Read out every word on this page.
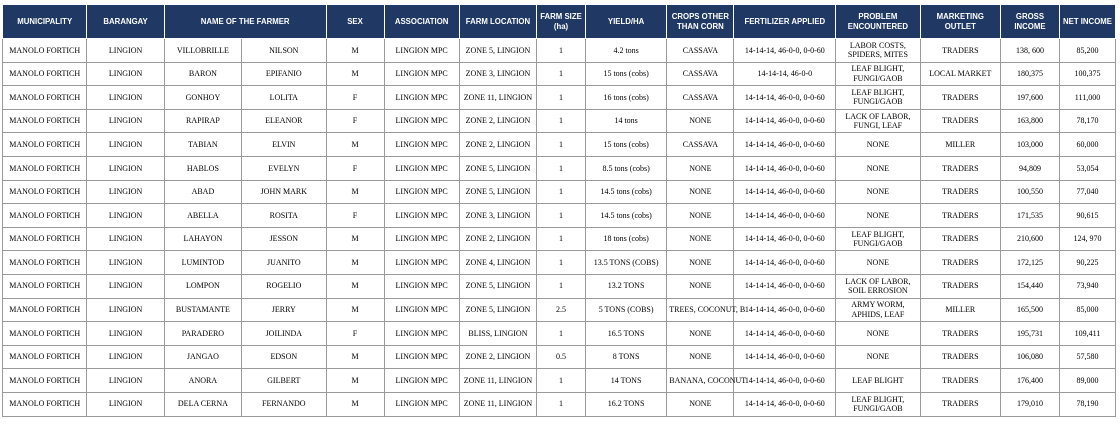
MUNICIPALITY	BARANGAY	NAME OF THE FARMER		SEX	ASSOCIATION	FARM LOCATION	FARM SIZE (ha)	YIELD/HA	CROPS OTHER THAN CORN	FERTILIZER APPLIED	PROBLEM ENCOUNTERED	MARKETING OUTLET	GROSS INCOME	NET INCOME
MANOLO FORTICH	LINGION	VILLOBRILLE	NILSON	M	LINGION MPC	ZONE 5, LINGION	1	4.2 tons	CASSAVA	14-14-14, 46-0-0, 0-0-60	LABOR COSTS, SPIDERS, MITES	TRADERS	138, 600	85,200
MANOLO FORTICH	LINGION	BARON	EPIFANIO	M	LINGION MPC	ZONE 3, LINGION	1	15 tons (cobs)	CASSAVA	14-14-14, 46-0-0	LEAF BLIGHT, FUNGI/GAOB	LOCAL MARKET	180,375	100,375
MANOLO FORTICH	LINGION	GONHOY	LOLITA	F	LINGION MPC	ZONE 11, LINGION	1	16 tons (cobs)	CASSAVA	14-14-14, 46-0-0, 0-0-60	LEAF BLIGHT, FUNGI/GAOB	TRADERS	197,600	111,000
MANOLO FORTICH	LINGION	RAPIRAP	ELEANOR	F	LINGION MPC	ZONE 2, LINGION	1	14 tons	NONE	14-14-14, 46-0-0, 0-0-60	LACK OF LABOR, FUNGI, LEAF	TRADERS	163,800	78,170
MANOLO FORTICH	LINGION	TABIAN	ELVIN	M	LINGION MPC	ZONE 2, LINGION	1	15 tons (cobs)	CASSAVA	14-14-14, 46-0-0, 0-0-60	NONE	MILLER	103,000	60,000
MANOLO FORTICH	LINGION	HABLOS	EVELYN	F	LINGION MPC	ZONE 5, LINGION	1	8.5 tons (cobs)	NONE	14-14-14, 46-0-0, 0-0-60	NONE	TRADERS	94,809	53,054
MANOLO FORTICH	LINGION	ABAD	JOHN MARK	M	LINGION MPC	ZONE 5, LINGION	1	14.5 tons (cobs)	NONE	14-14-14, 46-0-0, 0-0-60	NONE	TRADERS	100,550	77,040
MANOLO FORTICH	LINGION	ABELLA	ROSITA	F	LINGION MPC	ZONE 3, LINGION	1	14.5 tons (cobs)	NONE	14-14-14, 46-0-0, 0-0-60	NONE	TRADERS	171,535	90,615
MANOLO FORTICH	LINGION	LAHAYON	JESSON	M	LINGION MPC	ZONE 2, LINGION	1	18 tons (cobs)	NONE	14-14-14, 46-0-0, 0-0-60	LEAF BLIGHT, FUNGI/GAOB	TRADERS	210,600	124, 970
MANOLO FORTICH	LINGION	LUMINTOD	JUANITO	M	LINGION MPC	ZONE 4, LINGION	1	13.5 TONS (COBS)	NONE	14-14-14, 46-0-0, 0-0-60	NONE	TRADERS	172,125	90,225
MANOLO FORTICH	LINGION	LOMPON	ROGELIO	M	LINGION MPC	ZONE 5, LINGION	1	13.2 TONS	NONE	14-14-14, 46-0-0, 0-0-60	LACK OF LABOR, SOIL ERROSION	TRADERS	154,440	73,940
MANOLO FORTICH	LINGION	BUSTAMANTE	JERRY	M	LINGION MPC	ZONE 5, LINGION	2.5	5 TONS (COBS)	TREES, COCONUT, B	14-14-14, 46-0-0, 0-0-60	ARMY WORM, APHIDS, LEAF	MILLER	165,500	85,000
MANOLO FORTICH	LINGION	PARADERO	JOILINDA	F	LINGION MPC	BLISS, LINGION	1	16.5 TONS	NONE	14-14-14, 46-0-0, 0-0-60	NONE	TRADERS	195,731	109,411
MANOLO FORTICH	LINGION	JANGAO	EDSON	M	LINGION MPC	ZONE 2, LINGION	0.5	8 TONS	NONE	14-14-14, 46-0-0, 0-0-60	NONE	TRADERS	106,080	57,580
MANOLO FORTICH	LINGION	ANORA	GILBERT	M	LINGION MPC	ZONE 11, LINGION	1	14 TONS	BANANA, COCONUT	14-14-14, 46-0-0, 0-0-60	LEAF BLIGHT	TRADERS	176,400	89,000
MANOLO FORTICH	LINGION	DELA CERNA	FERNANDO	M	LINGION MPC	ZONE 11, LINGION	1	16.2 TONS	NONE	14-14-14, 46-0-0, 0-0-60	LEAF BLIGHT, FUNGI/GAOB	TRADERS	179,010	78,190
